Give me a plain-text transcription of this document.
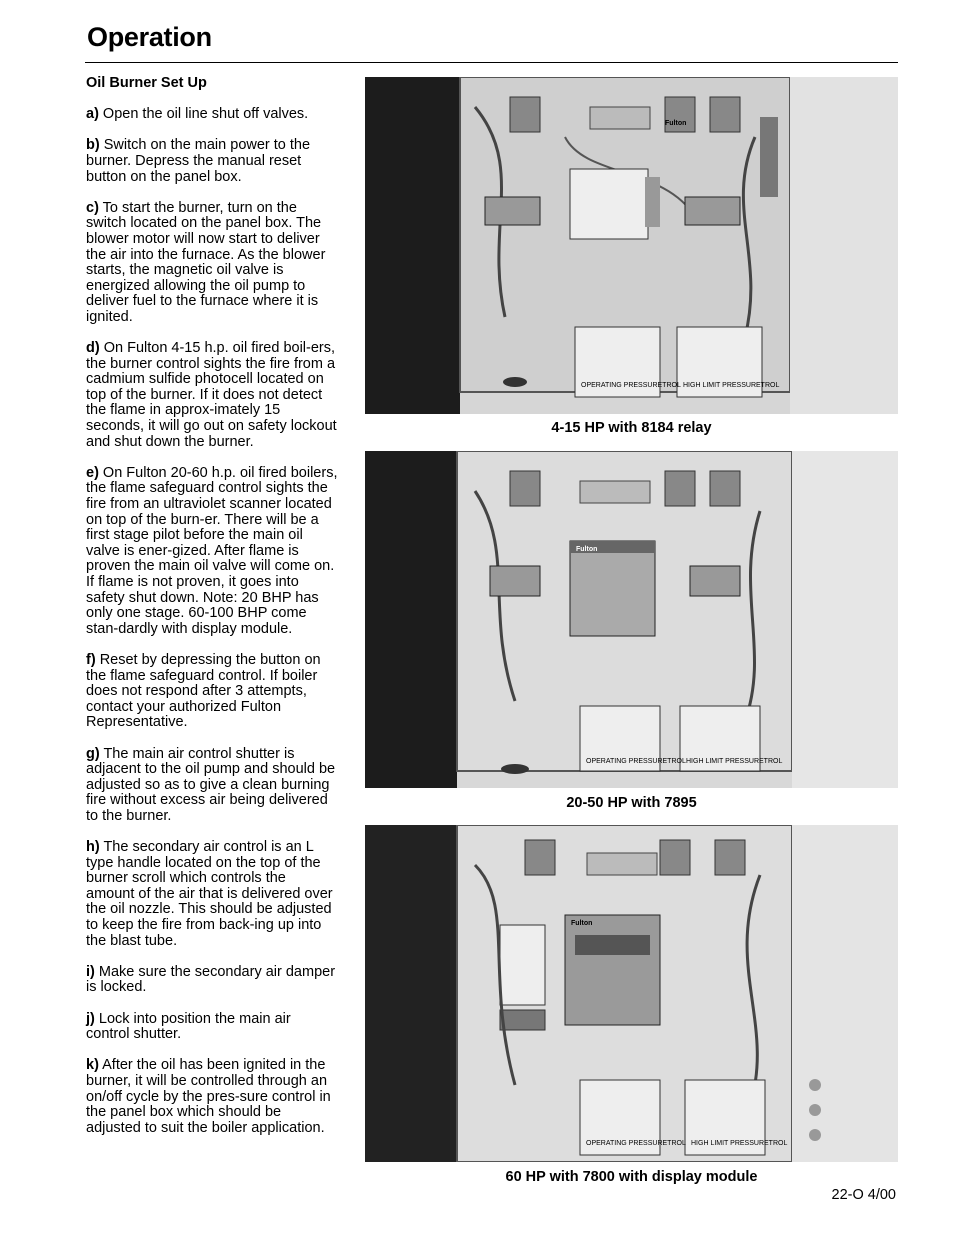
Operation
Oil Burner Set Up
a) Open the oil line shut off valves.
b) Switch on the main power to the burner. Depress the manual reset button on the panel box.
c) To start the burner, turn on the switch located on the panel box. The blower motor will now start to deliver the air into the furnace. As the blower starts, the magnetic oil valve is energized allowing the oil pump to deliver fuel to the furnace where it is ignited.
d) On Fulton 4-15 h.p. oil fired boil-ers, the burner control sights the fire from a cadmium sulfide photocell located on top of the burner. If it does not detect the flame in approx-imately 15 seconds, it will go out on safety lockout and shut down the burner.
e) On Fulton 20-60 h.p. oil fired boilers, the flame safeguard control sights the fire from an ultraviolet scanner located on top of the burn-er. There will be a first stage pilot before the main oil valve is ener-gized. After flame is proven the main oil valve will come on. If flame is not proven, it goes into safety shut down. Note: 20 BHP has only one stage. 60-100 BHP come stan-dardly with display module.
f) Reset by depressing the button on the flame safeguard control. If boiler does not respond after 3 attempts, contact your authorized Fulton Representative.
g) The main air control shutter is adjacent to the oil pump and should be adjusted so as to give a clean burning fire without excess air being delivered to the burner.
h) The secondary air control is an L type handle located on the top of the burner scroll which controls the amount of the air that is delivered over the oil nozzle. This should be adjusted to keep the fire from back-ing up into the blast tube.
i) Make sure the secondary air damper is locked.
j) Lock into position the main air control shutter.
k) After the oil has been ignited in the burner, it will be controlled through an on/off cycle by the pres-sure control in the panel box which should be adjusted to suit the boiler application.
OPERATING PRESSURETROL HIGH LIMIT PRESSURETROL
Fulton
4-15 HP with 8184 relay
OPERATING PRESSURETROL HIGH LIMIT PRESSURETROL
Fulton
20-50 HP with 7895
OPERATING PRESSURETROL HIGH LIMIT PRESSURETROL
Fulton
60 HP with 7800 with display module
22-O 4/00
